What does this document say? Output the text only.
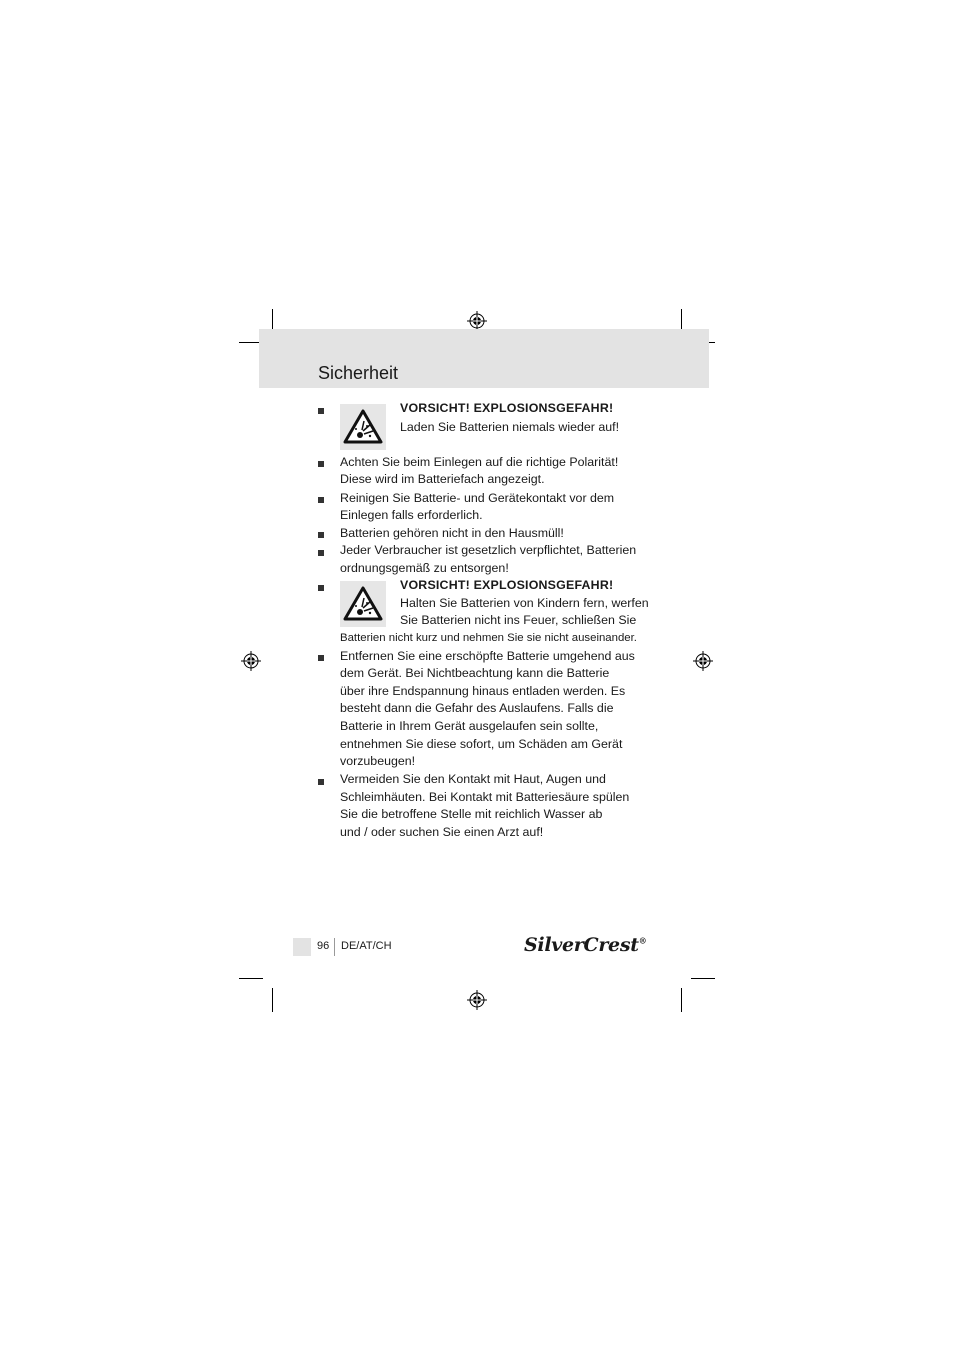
Sicherheit
VORSICHT! EXPLOSIONSGEFAHR!
Laden Sie Batterien niemals wieder auf!
Achten Sie beim Einlegen auf die richtige Polarität!
Diese wird im Batteriefach angezeigt.
Reinigen Sie Batterie- und Gerätekontakt vor dem
Einlegen falls erforderlich.
Batterien gehören nicht in den Hausmüll!
Jeder Verbraucher ist gesetzlich verpflichtet, Batterien
ordnungsgemäß zu entsorgen!
VORSICHT! EXPLOSIONSGEFAHR!
Halten Sie Batterien von Kindern fern, werfen
Sie Batterien nicht ins Feuer, schließen Sie
Batterien nicht kurz und nehmen Sie sie nicht auseinander.
Entfernen Sie eine erschöpfte Batterie umgehend aus
dem Gerät. Bei Nichtbeachtung kann die Batterie
über ihre Endspannung hinaus entladen werden. Es
besteht dann die Gefahr des Auslaufens. Falls die
Batterie in Ihrem Gerät ausgelaufen sein sollte,
entnehmen Sie diese sofort, um Schäden am Gerät
vorzubeugen!
Vermeiden Sie den Kontakt mit Haut, Augen und
Schleimhäuten. Bei Kontakt mit Batteriesäure spülen
Sie die betroffene Stelle mit reichlich Wasser ab
und / oder suchen Sie einen Arzt auf!
96 DE/AT/CH	SilverCrest®
